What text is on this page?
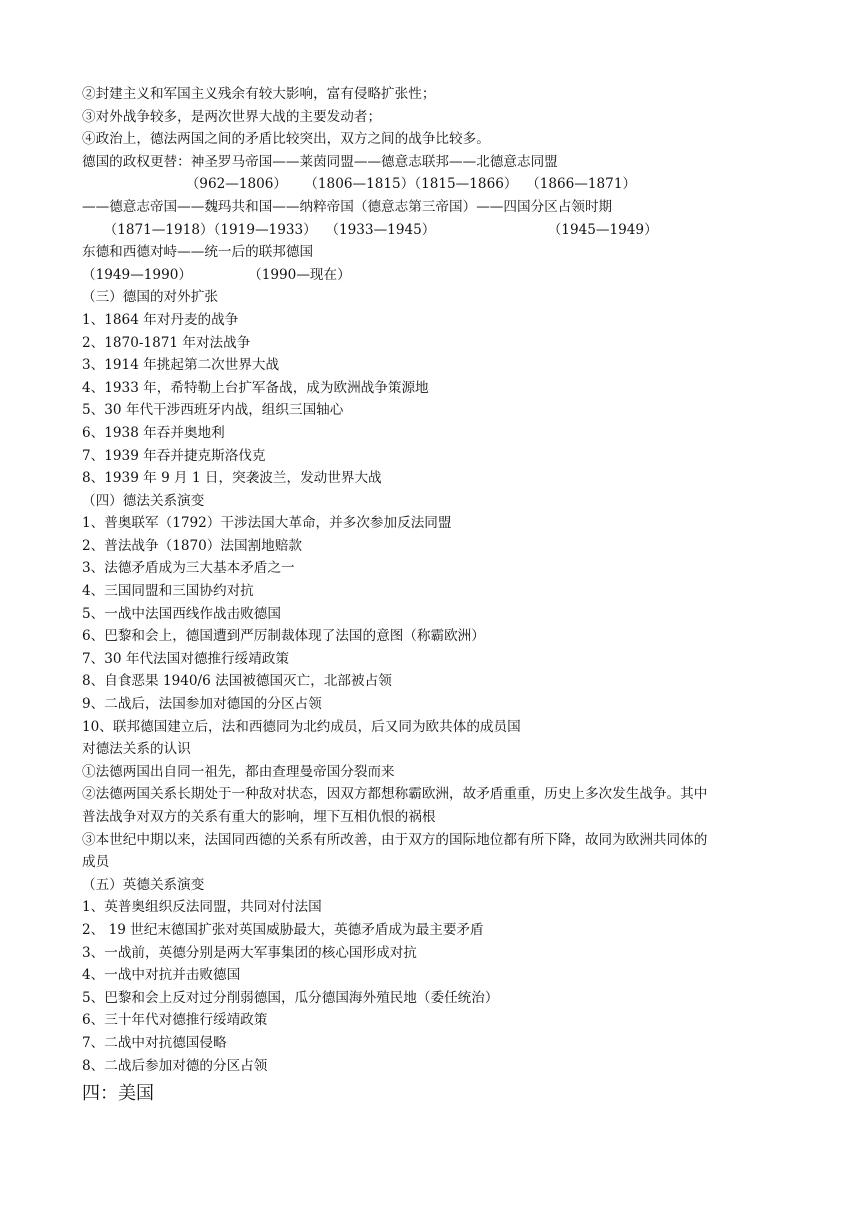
②封建主义和军国主义残余有较大影响，富有侵略扩张性；
③对外战争较多，是两次世界大战的主要发动者；
④政治上，德法两国之间的矛盾比较突出，双方之间的战争比较多。
德国的政权更替：神圣罗马帝国——莱茵同盟——德意志联邦——北德意志同盟
（962—1806）    （1806—1815）（1815—1866）  （1866—1871）
——德意志帝国——魏玛共和国——纳粹帝国（德意志第三帝国）——四国分区占领时期
（1871—1918）（1919—1933）  （1933—1945）                          （1945—1949）
东德和西德对峙——统一后的联邦德国
（1949—1990）             （1990—现在）
（三）德国的对外扩张
1、1864 年对丹麦的战争
2、1870-1871 年对法战争
3、1914 年挑起第二次世界大战
4、1933 年，希特勒上台扩军备战，成为欧洲战争策源地
5、30 年代干涉西班牙内战，组织三国轴心
6、1938 年吞并奥地利
7、1939 年吞并捷克斯洛伐克
8、1939 年 9 月 1 日，突袭波兰，发动世界大战
（四）德法关系演变
1、普奥联军（1792）干涉法国大革命，并多次参加反法同盟
2、普法战争（1870）法国割地赔款
3、法德矛盾成为三大基本矛盾之一
4、三国同盟和三国协约对抗
5、一战中法国西线作战击败德国
6、巴黎和会上，德国遭到严厉制裁体现了法国的意图（称霸欧洲）
7、30 年代法国对德推行绥靖政策
8、自食恶果 1940/6 法国被德国灭亡，北部被占领
9、二战后，法国参加对德国的分区占领
10、联邦德国建立后，法和西德同为北约成员，后又同为欧共体的成员国
对德法关系的认识
①法德两国出自同一祖先，都由查理曼帝国分裂而来
②法德两国关系长期处于一种敌对状态，因双方都想称霸欧洲，故矛盾重重，历史上多次发生战争。其中
普法战争对双方的关系有重大的影响，埋下互相仇恨的祸根
③本世纪中期以来，法国同西德的关系有所改善，由于双方的国际地位都有所下降，故同为欧洲共同体的
成员
（五）英德关系演变
1、英普奥组织反法同盟，共同对付法国
2、 19 世纪末德国扩张对英国威胁最大，英德矛盾成为最主要矛盾
3、一战前，英德分别是两大军事集团的核心国形成对抗
4、一战中对抗并击败德国
5、巴黎和会上反对过分削弱德国，瓜分德国海外殖民地（委任统治）
6、三十年代对德推行绥靖政策
7、二战中对抗德国侵略
8、二战后参加对德的分区占领
四：美国
